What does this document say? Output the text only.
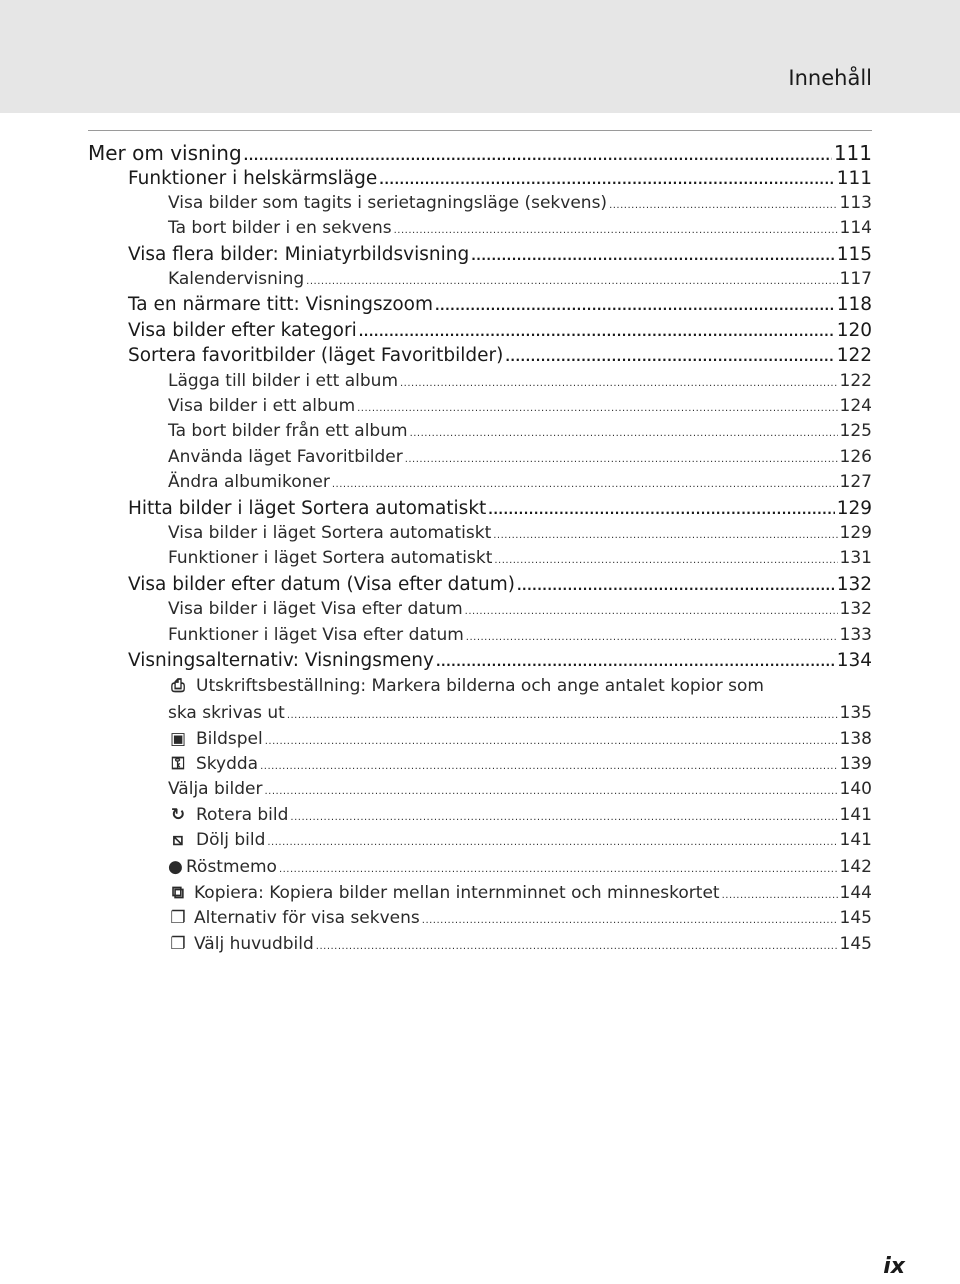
Innehåll
Mer om visning .....	111
Funktioner i helskärmsläge .....	111
Visa bilder som tagits i serietagningsläge (sekvens) .....	113
Ta bort bilder i en sekvens .....	114
Visa flera bilder: Miniatyrbildsvisning .....	115
Kalendervisning .....	117
Ta en närmare titt: Visningszoom .....	118
Visa bilder efter kategori .....	120
Sortera favoritbilder (läget Favoritbilder) .....	122
Lägga till bilder i ett album .....	122
Visa bilder i ett album .....	124
Ta bort bilder från ett album .....	125
Använda läget Favoritbilder .....	126
Ändra albumikoner .....	127
Hitta bilder i läget Sortera automatiskt .....	129
Visa bilder i läget Sortera automatiskt .....	129
Funktioner i läget Sortera automatiskt .....	131
Visa bilder efter datum (Visa efter datum) .....	132
Visa bilder i läget Visa efter datum .....	132
Funktioner i läget Visa efter datum .....	133
Visningsalternativ: Visningsmeny .....	134
⎙ Utskriftsbeställning: Markera bilderna och ange antalet kopior som
ska skrivas ut .....	135
▣ Bildspel .....	138
⚿ Skydda .....	139
Välja bilder .....	140
↻ Rotera bild .....	141
⧅ Dölj bild .....	141
● Röstmemo .....	142
⧉ Kopiera: Kopiera bilder mellan internminnet och minneskortet .....	144
❐ Alternativ för visa sekvens .....	145
❐ Välj huvudbild .....	145
ix
